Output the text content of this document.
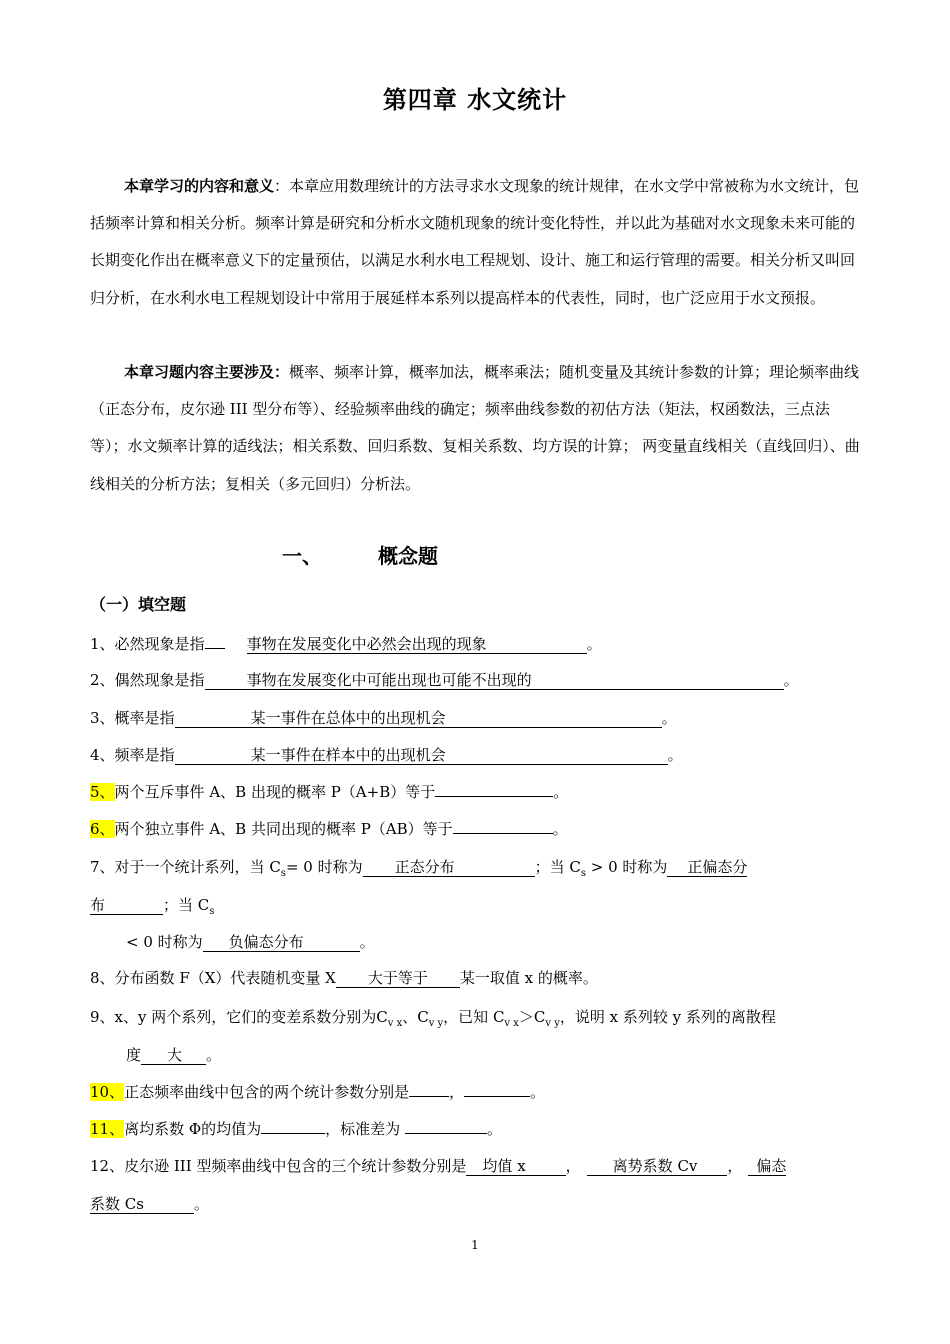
第四章 水文统计
本章学习的内容和意义：本章应用数理统计的方法寻求水文现象的统计规律，在水文学中常被称为水文统计，包括频率计算和相关分析。频率计算是研究和分析水文随机现象的统计变化特性，并以此为基础对水文现象未来可能的长期变化作出在概率意义下的定量预估，以满足水利水电工程规划、设计、施工和运行管理的需要。相关分析又叫回归分析，在水利水电工程规划设计中常用于展延样本系列以提高样本的代表性，同时，也广泛应用于水文预报。
本章习题内容主要涉及：概率、频率计算，概率加法，概率乘法；随机变量及其统计参数的计算；理论频率曲线（正态分布，皮尔逊 III 型分布等）、经验频率曲线的确定；频率曲线参数的初估方法（矩法，权函数法，三点法等）；水文频率计算的适线法；相关系数、回归系数、复相关系数、均方误的计算； 两变量直线相关（直线回归）、曲线相关的分析方法；复相关（多元回归）分析法。
一、	概念题
（一）填空题
1、必然现象是指	事物在发展变化中必然会出现的现象	。
2、偶然现象是指	事物在发展变化中可能出现也可能不出现的	。
3、概率是指	某一事件在总体中的出现机会	。
4、频率是指	某一事件在样本中的出现机会	。
5、两个互斥事件 A、B 出现的概率 P（A+B）等于	。
6、两个独立事件 A、B 共同出现的概率 P（AB）等于	。
7、对于一个统计系列，当 $C_s= 0$ 时称为 正态分布	；当 $C_s > 0$ 时称为 正偏态分
布	；当 $C_s$
< 0 时称为 负偏态分布	。
8、分布函数 F（X）代表随机变量 X 大于等于 某一取值 x 的概率。
9、x、y 两个系列，它们的变差系数分别为$C_{v x}$、$C_{v y}$，已知 $C_{v x}>C_{v y}$，说明 x 系列较 y 系列的离散程
度 大 。
10、正态频率曲线中包含的两个统计参数分别是	，	。
11、离均系数 Φ的均值为	，标准差为	。
12、皮尔逊 III 型频率曲线中包含的三个统计参数分别是 均值 x	， 离势系数 Cv ， 偏态
系数 Cs	。
1
